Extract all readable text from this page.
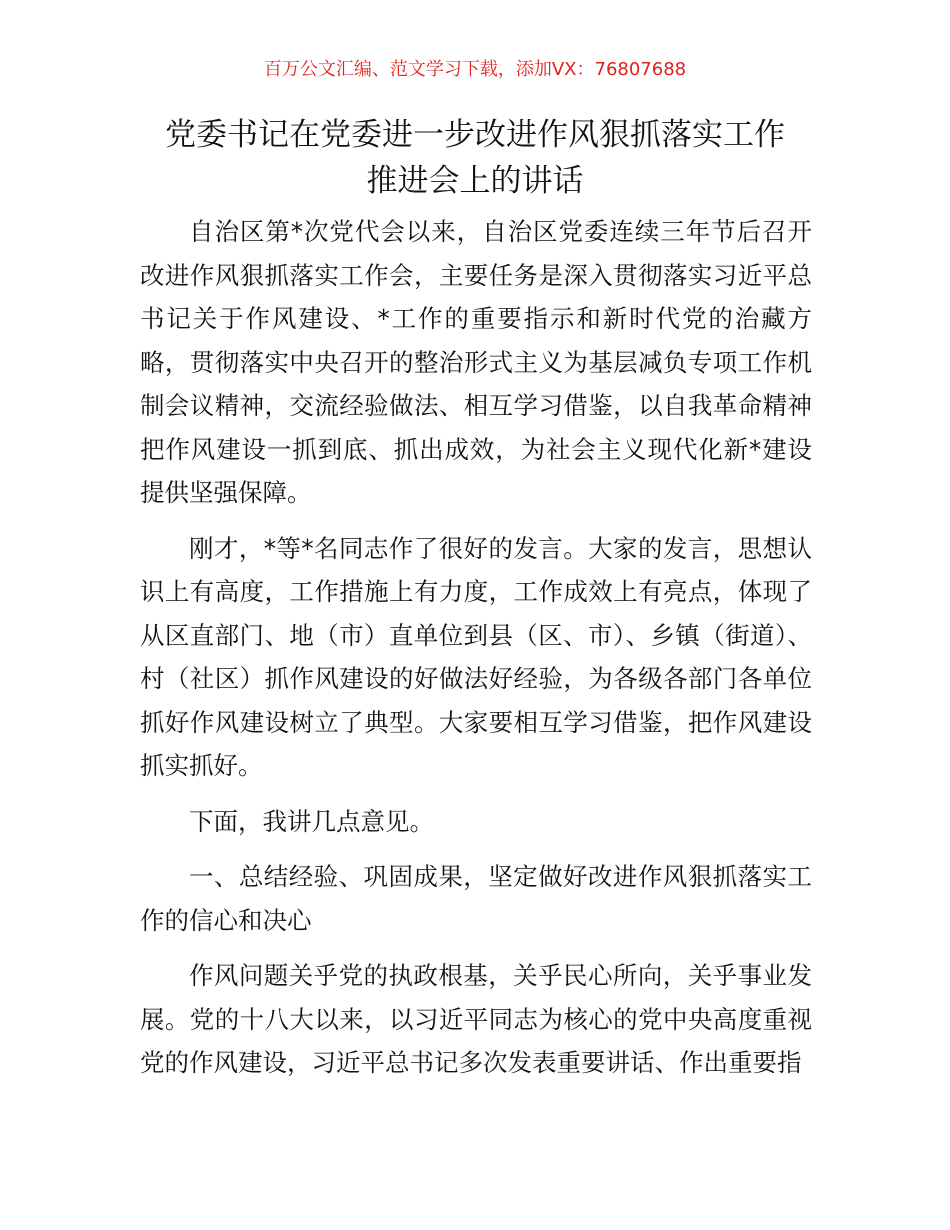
百万公文汇编、范文学习下载，添加VX：76807688
党委书记在党委进一步改进作风狠抓落实工作
推进会上的讲话

自治区第*次党代会以来，自治区党委连续三年节后召开改进作风狠抓落实工作会，主要任务是深入贯彻落实习近平总书记关于作风建设、*工作的重要指示和新时代党的治藏方略，贯彻落实中央召开的整治形式主义为基层减负专项工作机制会议精神，交流经验做法、相互学习借鉴，以自我革命精神把作风建设一抓到底、抓出成效，为社会主义现代化新*建设提供坚强保障。

刚才，*等*名同志作了很好的发言。大家的发言，思想认识上有高度，工作措施上有力度，工作成效上有亮点，体现了从区直部门、地（市）直单位到县（区、市）、乡镇（街道）、村（社区）抓作风建设的好做法好经验，为各级各部门各单位抓好作风建设树立了典型。大家要相互学习借鉴，把作风建设抓实抓好。

下面，我讲几点意见。

一、总结经验、巩固成果，坚定做好改进作风狠抓落实工作的信心和决心

作风问题关乎党的执政根基，关乎民心所向，关乎事业发展。党的十八大以来，以习近平同志为核心的党中央高度重视党的作风建设，习近平总书记多次发表重要讲话、作出重要指
